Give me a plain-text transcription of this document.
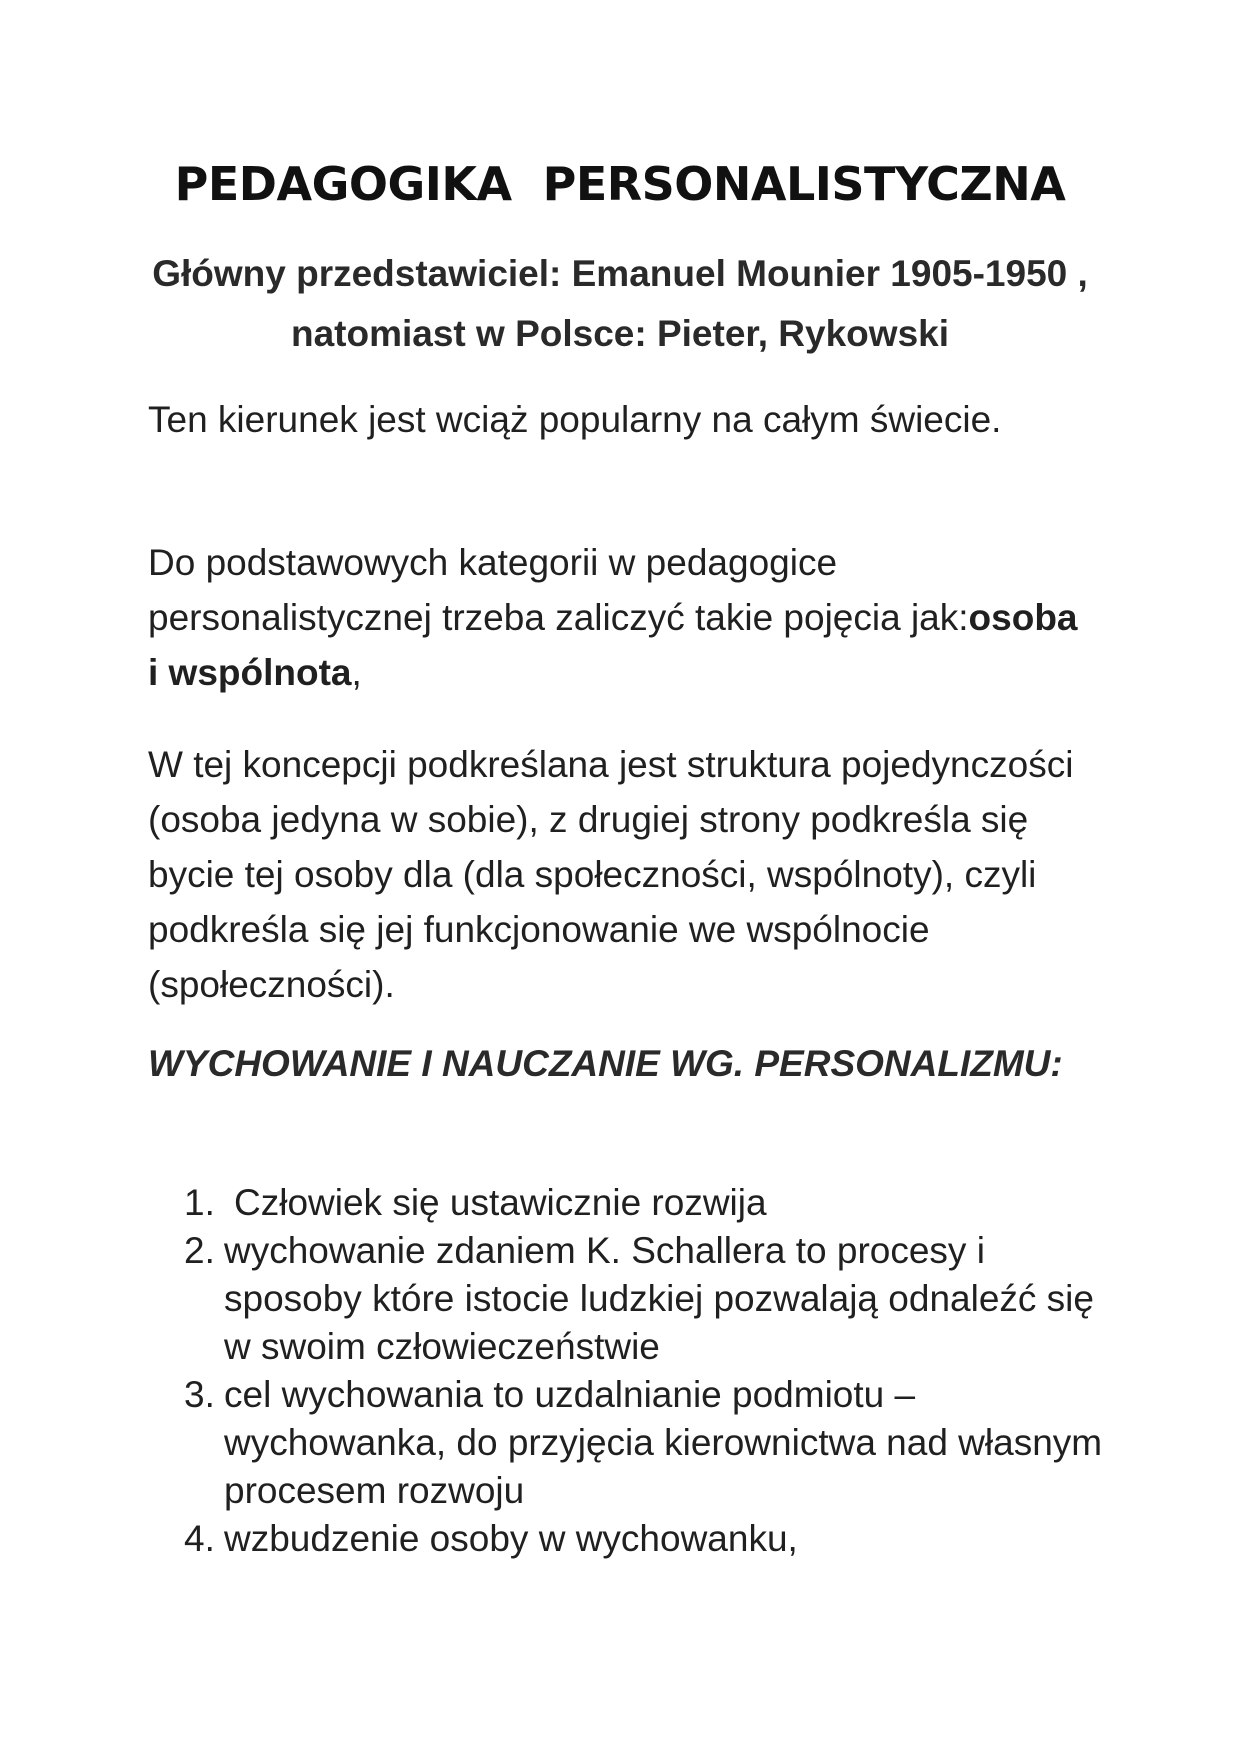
PEDAGOGIKA  PERSONALISTYCZNA
Główny przedstawiciel: Emanuel Mounier 1905-1950 , natomiast w Polsce: Pieter, Rykowski
Ten kierunek jest wciąż popularny na całym świecie.
Do podstawowych kategorii w pedagogice personalistycznej trzeba zaliczyć takie pojęcia jak:osoba i wspólnota,
W tej koncepcji podkreślana jest struktura pojedynczości (osoba jedyna w sobie), z drugiej strony podkreśla się bycie tej osoby dla (dla społeczności, wspólnoty), czyli podkreśla się jej funkcjonowanie we wspólnocie (społeczności).
WYCHOWANIE I NAUCZANIE WG. PERSONALIZMU:
1. Człowiek się ustawicznie rozwija
2. wychowanie zdaniem K. Schallera to procesy i sposoby które istocie ludzkiej pozwalają odnaleźć się w swoim człowieczeństwie
3. cel wychowania to uzdalnianie podmiotu – wychowanka, do przyjęcia kierownictwa nad własnym procesem rozwoju
4. wzbudzenie osoby w wychowanku,
